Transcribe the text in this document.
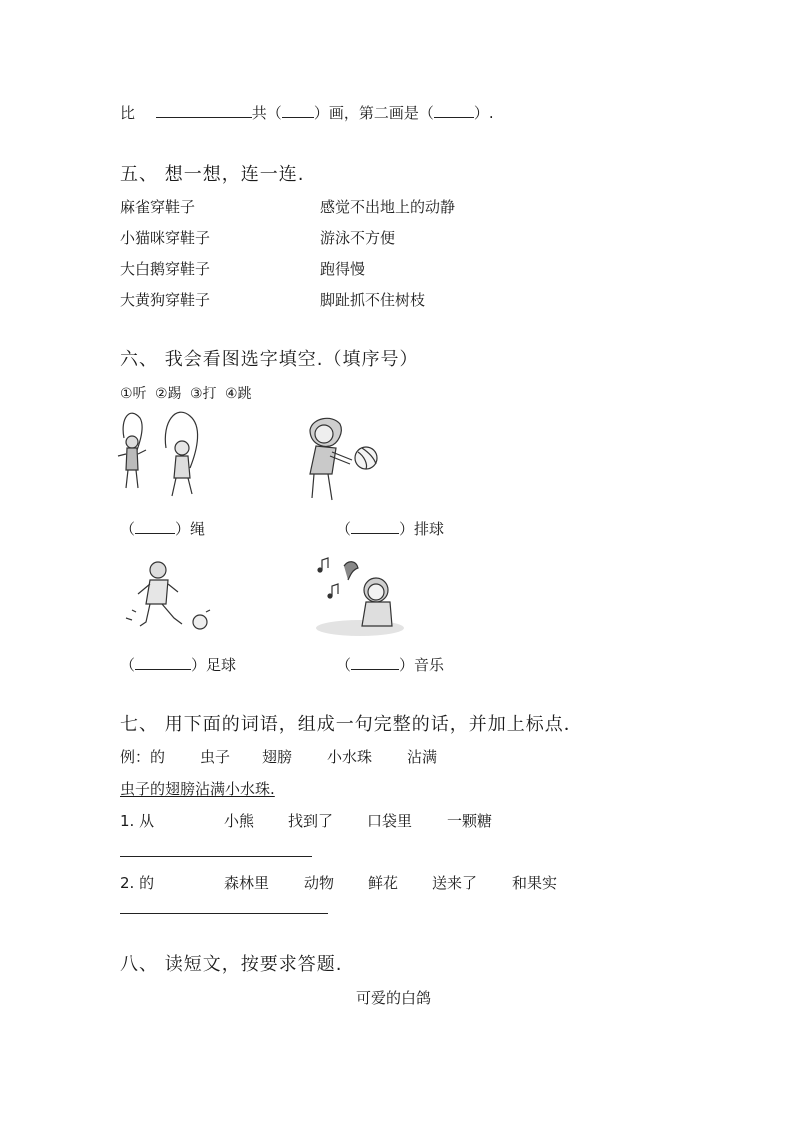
比	共（ ）画，第二画是（	）.
五、 想一想，连一连.
麻雀穿鞋子
小猫咪穿鞋子
大白鹅穿鞋子
大黄狗穿鞋子
感觉不出地上的动静
游泳不方便
跑得慢
脚趾抓不住树枝
六、 我会看图选字填空.（填序号）
①听 ②踢 ③打 ④跳
（	）绳	（	）排球
（	）足球	（	）音乐
七、 用下面的词语，组成一句完整的话，并加上标点．
例：的 虫子 翅膀 小水珠 沾满
虫子的翅膀沾满小水珠.
1. 从	小熊 找到了 口袋里 一颗糖
2. 的	森林里 动物 鲜花 送来了 和果实
八、 读短文，按要求答题.
可爱的白鸽
